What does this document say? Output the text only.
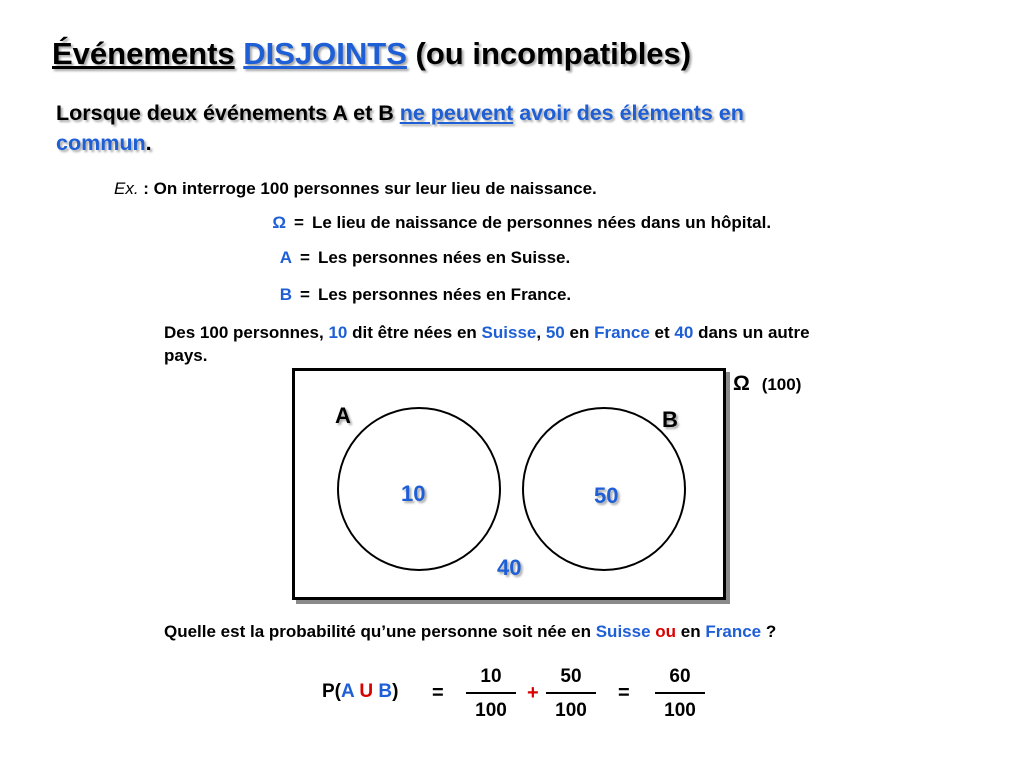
Événements DISJOINTS (ou incompatibles)
Lorsque deux événements A et B ne peuvent avoir des éléments en
commun.
Ex. : On interroge 100 personnes sur leur lieu de naissance.
Ω = Le lieu de naissance de personnes nées dans un hôpital.
A = Les personnes nées en Suisse.
B = Les personnes nées en France.
Des 100 personnes, 10 dit être nées en Suisse, 50 en France et 40 dans un autre
pays.
Ω (100)
A	B
10	50
40
Quelle est la probabilité qu’une personne soit née en Suisse ou en France ?
P(A U $B) = \frac{10}{100} + \frac{50}{100} = \frac{60}{100}$
